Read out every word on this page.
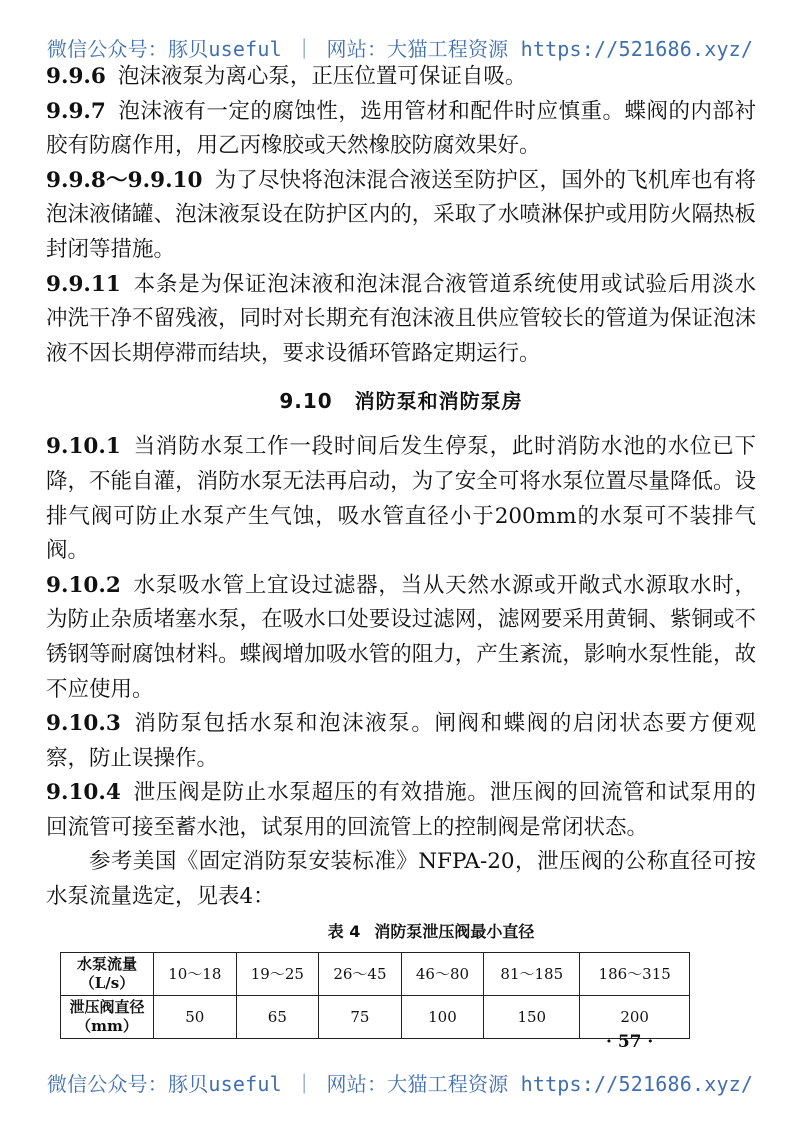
微信公众号：豚贝useful ｜ 网站：大猫工程资源 https://521686.xyz/

9.9.6 泡沫液泵为离心泵，正压位置可保证自吸。

9.9.7 泡沫液有一定的腐蚀性，选用管材和配件时应慎重。蝶阀的内部衬胶有防腐作用，用乙丙橡胶或天然橡胶防腐效果好。

9.9.8～9.9.10 为了尽快将泡沫混合液送至防护区，国外的飞机库也有将泡沫液储罐、泡沫液泵设在防护区内的，采取了水喷淋保护或用防火隔热板封闭等措施。

9.9.11 本条是为保证泡沫液和泡沫混合液管道系统使用或试验后用淡水冲洗干净不留残液，同时对长期充有泡沫液且供应管较长的管道为保证泡沫液不因长期停滞而结块，要求设循环管路定期运行。

9.10 消防泵和消防泵房

9.10.1 当消防水泵工作一段时间后发生停泵，此时消防水池的水位已下降，不能自灌，消防水泵无法再启动，为了安全可将水泵位置尽量降低。设排气阀可防止水泵产生气蚀，吸水管直径小于200mm的水泵可不装排气阀。

9.10.2 水泵吸水管上宜设过滤器，当从天然水源或开敞式水源取水时，为防止杂质堵塞水泵，在吸水口处要设过滤网，滤网要采用黄铜、紫铜或不锈钢等耐腐蚀材料。蝶阀增加吸水管的阻力，产生紊流，影响水泵性能，故不应使用。

9.10.3 消防泵包括水泵和泡沫液泵。闸阀和蝶阀的启闭状态要方便观察，防止误操作。

9.10.4 泄压阀是防止水泵超压的有效措施。泄压阀的回流管和试泵用的回流管可接至蓄水池，试泵用的回流管上的控制阀是常闭状态。

参考美国《固定消防泵安装标准》NFPA-20，泄压阀的公称直径可按水泵流量选定，见表4：

表 4 消防泵泄压阀最小直径
水泵流量
（L/s）	10～18	19～25	26～45	46～80	81～185	186～315
泄压阀直径
（mm）	50	65	75	100	150	200
· 57 ·
微信公众号：豚贝useful ｜ 网站：大猫工程资源 https://521686.xyz/
